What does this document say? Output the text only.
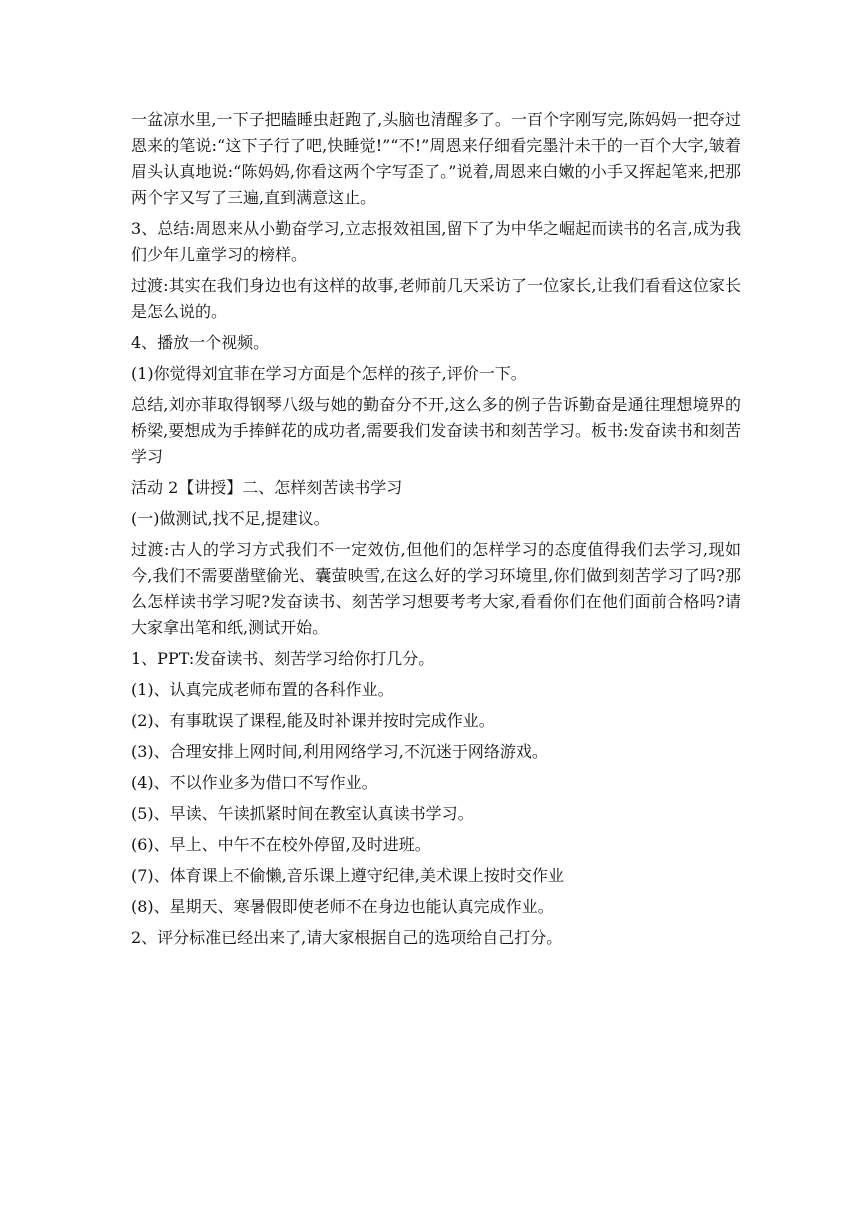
一盆凉水里,一下子把瞌睡虫赶跑了,头脑也清醒多了。一百个字刚写完,陈妈妈一把夺过恩来的笔说:“这下子行了吧,快睡觉!”“不!”周恩来仔细看完墨汁未干的一百个大字,皱着眉头认真地说:“陈妈妈,你看这两个字写歪了。”说着,周恩来白嫩的小手又挥起笔来,把那两个字又写了三遍,直到满意这止。

3、总结:周恩来从小勤奋学习,立志报效祖国,留下了为中华之崛起而读书的名言,成为我们少年儿童学习的榜样。

过渡:其实在我们身边也有这样的故事,老师前几天采访了一位家长,让我们看看这位家长是怎么说的。

4、播放一个视频。

(1)你觉得刘宜菲在学习方面是个怎样的孩子,评价一下。

总结,刘亦菲取得钢琴八级与她的勤奋分不开,这么多的例子告诉勤奋是通往理想境界的桥梁,要想成为手捧鲜花的成功者,需要我们发奋读书和刻苦学习。板书:发奋读书和刻苦学习

活动 2【讲授】二、怎样刻苦读书学习

(一)做测试,找不足,提建议。

过渡:古人的学习方式我们不一定效仿,但他们的怎样学习的态度值得我们去学习,现如今,我们不需要凿壁偷光、囊萤映雪,在这么好的学习环境里,你们做到刻苦学习了吗?那么怎样读书学习呢?发奋读书、刻苦学习想要考考大家,看看你们在他们面前合格吗?请大家拿出笔和纸,测试开始。

1、PPT:发奋读书、刻苦学习给你打几分。

(1)、认真完成老师布置的各科作业。

(2)、有事耽误了课程,能及时补课并按时完成作业。

(3)、合理安排上网时间,利用网络学习,不沉迷于网络游戏。

(4)、不以作业多为借口不写作业。

(5)、早读、午读抓紧时间在教室认真读书学习。

(6)、早上、中午不在校外停留,及时进班。

(7)、体育课上不偷懒,音乐课上遵守纪律,美术课上按时交作业

(8)、星期天、寒暑假即使老师不在身边也能认真完成作业。

2、评分标准已经出来了,请大家根据自己的选项给自己打分。
